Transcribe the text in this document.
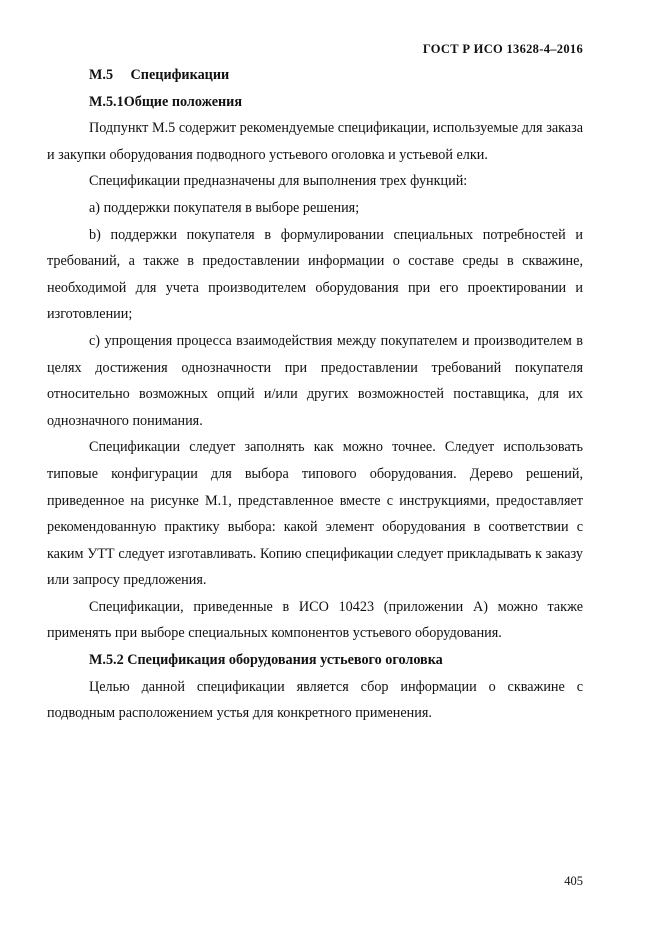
ГОСТ Р ИСО 13628-4–2016

М.5 Спецификации

М.5.1Общие положения

Подпункт М.5 содержит рекомендуемые спецификации, используемые для заказа и закупки оборудования подводного устьевого оголовка и устьевой елки.

Спецификации предназначены для выполнения трех функций:

а) поддержки покупателя в выборе решения;

b) поддержки покупателя в формулировании специальных потребностей и требований, а также в предоставлении информации о составе среды в скважине, необходимой для учета производителем оборудования при его проектировании и изготовлении;

c) упрощения процесса взаимодействия между покупателем и производителем в целях достижения однозначности при предоставлении требований покупателя относительно возможных опций и/или других возможностей поставщика, для их однозначного понимания.

Спецификации следует заполнять как можно точнее. Следует использовать типовые конфигурации для выбора типового оборудования. Дерево решений, приведенное на рисунке М.1, представленное вместе с инструкциями, предоставляет рекомендованную практику выбора: какой элемент оборудования в соответствии с каким УТТ следует изготавливать. Копию спецификации следует прикладывать к заказу или запросу предложения.

Спецификации, приведенные в ИСО 10423 (приложении А) можно также применять при выборе специальных компонентов устьевого оборудования.

М.5.2 Спецификация оборудования устьевого оголовка

Целью данной спецификации является сбор информации о скважине с подводным расположением устья для конкретного применения.

405
